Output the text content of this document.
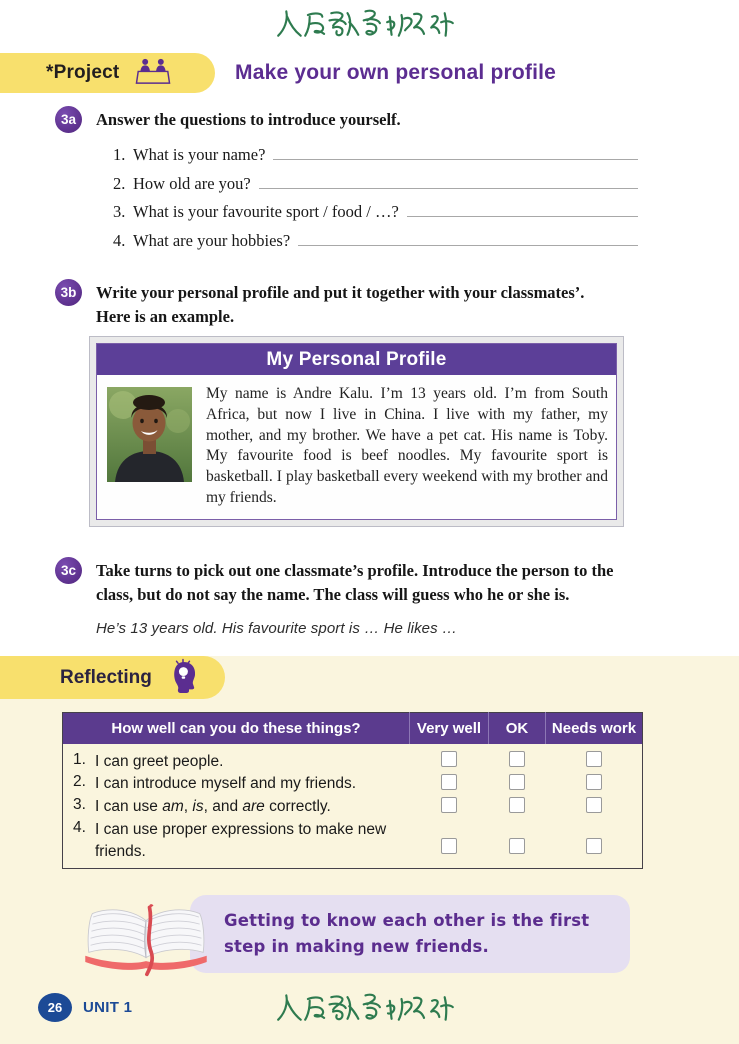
*Project	Make your own personal profile
3a	Answer the questions to introduce yourself.
1. What is your name?
2. How old are you?
3. What is your favourite sport / food / …?
4. What are your hobbies?
3b	Write your personal profile and put it together with your classmates’.
Here is an example.
My Personal Profile
My name is Andre Kalu. I’m 13 years old. I’m from South Africa, but now I live in China. I live with my father, my mother, and my brother. We have a pet cat. His name is Toby. My favourite food is beef noodles. My favourite sport is basketball. I play basketball every weekend with my brother and my friends.
3c	Take turns to pick out one classmate’s profile. Introduce the person to the class, but do not say the name. The class will guess who he or she is.
He’s 13 years old. His favourite sport is … He likes …
Reflecting
How well can you do these things?	Very well	OK	Needs work

1. I can greet people.			

2. I can introduce myself and my friends.			

3. I can use am, is, and are correctly.			

4. I can use proper expressions to make new friends.			

Getting to know each other is the first step in making new friends.

26	UNIT 1
